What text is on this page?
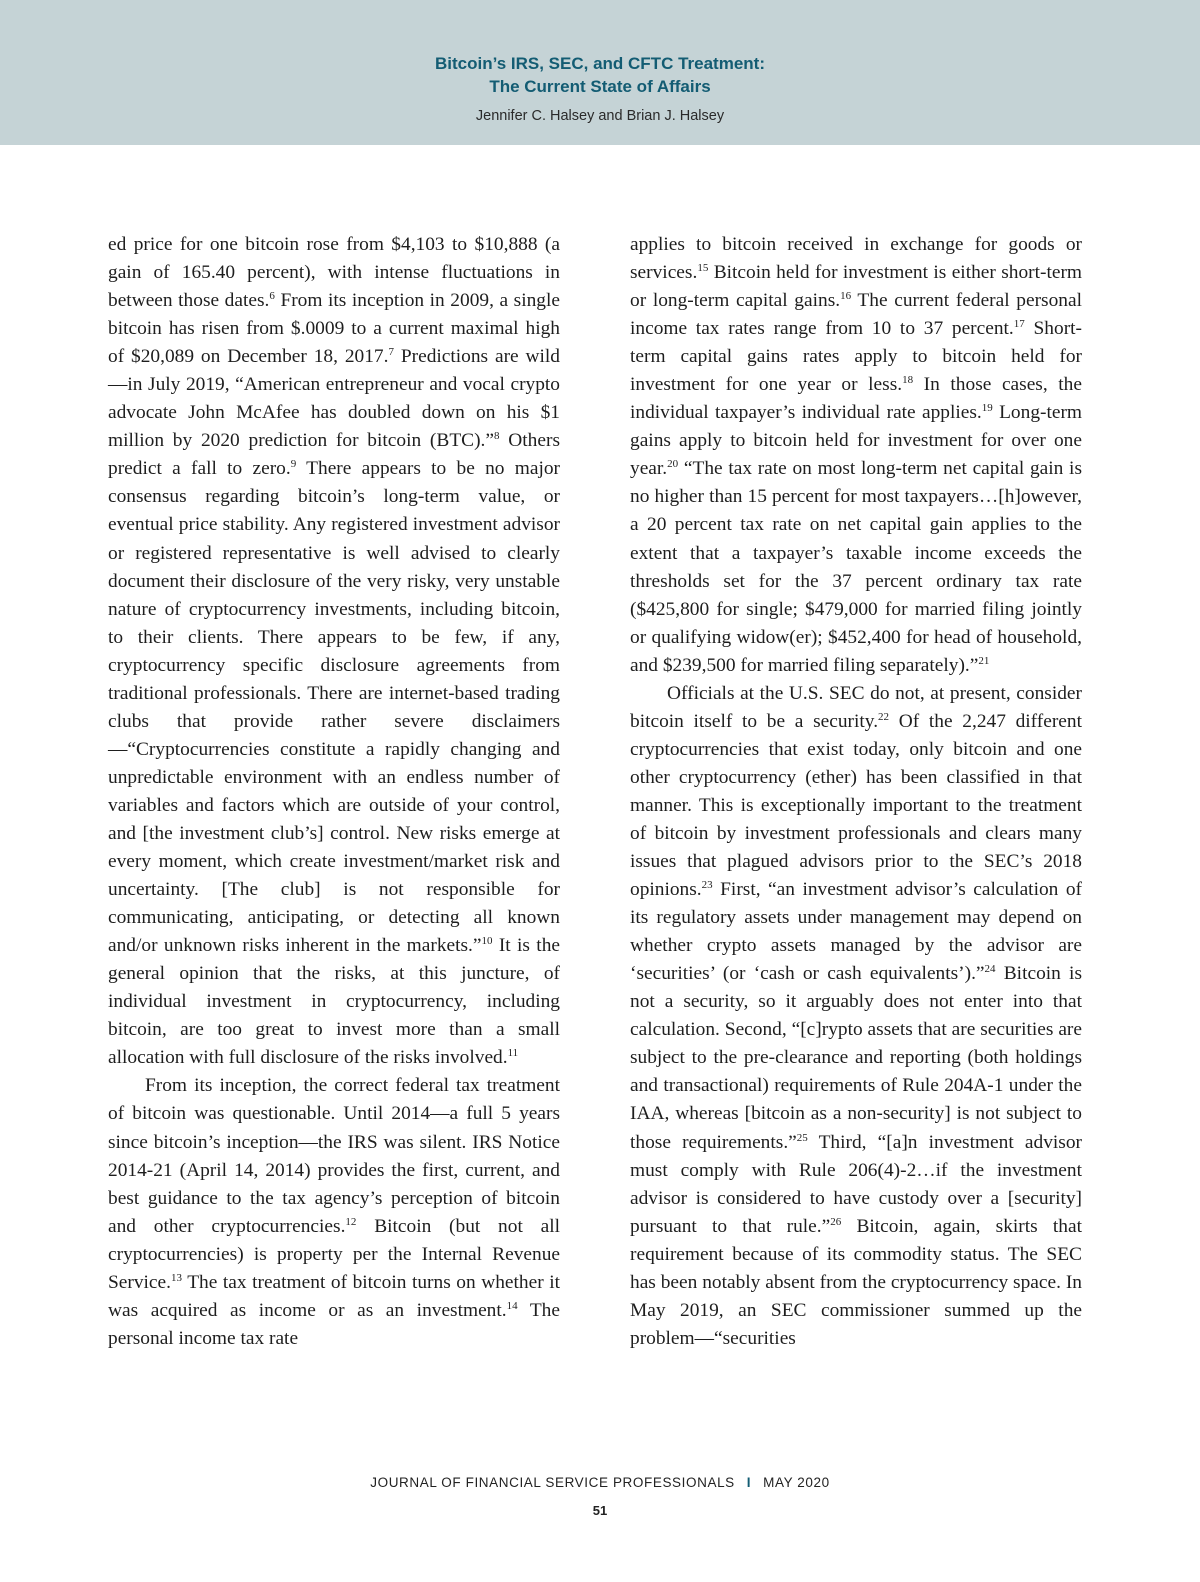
Bitcoin’s IRS, SEC, and CFTC Treatment:
The Current State of Affairs
Jennifer C. Halsey and Brian J. Halsey

ed price for one bitcoin rose from $4,103 to $10,888 (a gain of 165.40 percent), with intense fluctuations in between those dates.$^6$ From its inception in 2009, a single bitcoin has risen from $.0009 to a current maximal high of $20,089 on December 18, 2017.$^7$ Predictions are wild—in July 2019, “American entrepreneur and vocal crypto advocate John McAfee has doubled down on his $1 million by 2020 prediction for bitcoin (BTC).”$^8$ Others predict a fall to zero.$^9$ There appears to be no major consensus regarding bitcoin’s long-term value, or eventual price stability. Any registered investment advisor or registered representative is well advised to clearly document their disclosure of the very risky, very unstable nature of cryptocurrency investments, including bitcoin, to their clients. There appears to be few, if any, cryptocurrency specific disclosure agreements from traditional professionals. There are internet-based trading clubs that provide rather severe disclaimers—“Cryptocurrencies constitute a rapidly changing and unpredictable environment with an endless number of variables and factors which are outside of your control, and [the investment club’s] control. New risks emerge at every moment, which create investment/market risk and uncertainty. [The club] is not responsible for communicating, anticipating, or detecting all known and/or unknown risks inherent in the markets.”$^{10}$ It is the general opinion that the risks, at this juncture, of individual investment in cryptocurrency, including bitcoin, are too great to invest more than a small allocation with full disclosure of the risks involved.$^{11}$

From its inception, the correct federal tax treatment of bitcoin was questionable. Until 2014—a full 5 years since bitcoin’s inception—the IRS was silent. IRS Notice 2014-21 (April 14, 2014) provides the first, current, and best guidance to the tax agency’s perception of bitcoin and other cryptocurrencies.$^{12}$ Bitcoin (but not all cryptocurrencies) is property per the Internal Revenue Service.$^{13}$ The tax treatment of bitcoin turns on whether it was acquired as income or as an investment.$^{14}$ The personal income tax rate

applies to bitcoin received in exchange for goods or services.$^{15}$ Bitcoin held for investment is either short-term or long-term capital gains.$^{16}$ The current federal personal income tax rates range from 10 to 37 percent.$^{17}$ Short-term capital gains rates apply to bitcoin held for investment for one year or less.$^{18}$ In those cases, the individual taxpayer’s individual rate applies.$^{19}$ Long-term gains apply to bitcoin held for investment for over one year.$^{20}$ “The tax rate on most long-term net capital gain is no higher than 15 percent for most taxpayers…[h]owever, a 20 percent tax rate on net capital gain applies to the extent that a taxpayer’s taxable income exceeds the thresholds set for the 37 percent ordinary tax rate ($425,800 for single; $479,000 for married filing jointly or qualifying widow(er); $452,400 for head of household, and $239,500 for married filing separately).”$^{21}$

Officials at the U.S. SEC do not, at present, consider bitcoin itself to be a security.$^{22}$ Of the 2,247 different cryptocurrencies that exist today, only bitcoin and one other cryptocurrency (ether) has been classified in that manner. This is exceptionally important to the treatment of bitcoin by investment professionals and clears many issues that plagued advisors prior to the SEC’s 2018 opinions.$^{23}$ First, “an investment advisor’s calculation of its regulatory assets under management may depend on whether crypto assets managed by the advisor are ‘securities’ (or ‘cash or cash equivalents’).”$^{24}$ Bitcoin is not a security, so it arguably does not enter into that calculation. Second, “[c]rypto assets that are securities are subject to the pre-clearance and reporting (both holdings and transactional) requirements of Rule 204A-1 under the IAA, whereas [bitcoin as a non-security] is not subject to those requirements.”$^{25}$ Third, “[a]n investment advisor must comply with Rule 206(4)-2…if the investment advisor is considered to have custody over a [security] pursuant to that rule.”$^{26}$ Bitcoin, again, skirts that requirement because of its commodity status. The SEC has been notably absent from the cryptocurrency space. In May 2019, an SEC commissioner summed up the problem—“securities

JOURNAL OF FINANCIAL SERVICE PROFESSIONALS I MAY 2020
51
